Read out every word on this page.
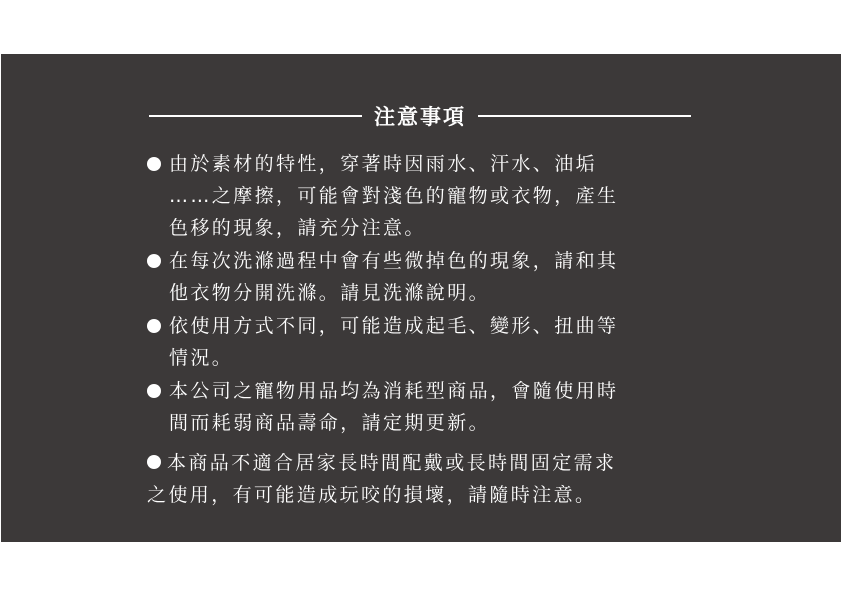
注意事項
由於素材的特性，穿著時因雨水、汗水、油垢
……之摩擦，可能會對淺色的寵物或衣物，產生
色移的現象，請充分注意。
在每次洗滌過程中會有些微掉色的現象，請和其
他衣物分開洗滌。請見洗滌說明。
依使用方式不同，可能造成起毛、變形、扭曲等
情況。
本公司之寵物用品均為消耗型商品，會隨使用時
間而耗弱商品壽命，請定期更新。
本商品不適合居家長時間配戴或長時間固定需求
之使用，有可能造成玩咬的損壞，請隨時注意。
